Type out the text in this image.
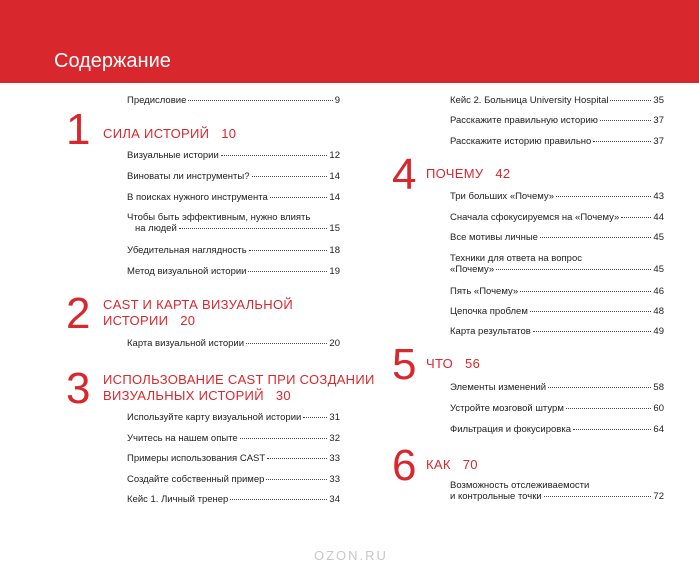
Содержание
Предисловие	9
1 СИЛА ИСТОРИЙ 10
Визуальные истории	12
Виноваты ли инструменты?	14
В поисках нужного инструмента	14
Чтобы быть эффективным, нужно влиять
на людей	15
Убедительная наглядность	18
Метод визуальной истории	19
2 CAST И КАРТА ВИЗУАЛЬНОЙ
ИСТОРИИ 20
Карта визуальной истории	20
3 ИСПОЛЬЗОВАНИЕ CAST ПРИ СОЗДАНИИ
ВИЗУАЛЬНЫХ ИСТОРИЙ 30
Используйте карту визуальной истории	31
Учитесь на нашем опыте	32
Примеры использования CAST	33
Создайте собственный пример	33
Кейс 1. Личный тренер	34
Кейс 2. Больница University Hospital	35
Расскажите правильную историю	37
Расскажите историю правильно	37
4 ПОЧЕМУ 42
Три больших «Почему»	43
Сначала сфокусируемся на «Почему»	44
Все мотивы личные	45
Техники для ответа на вопрос
«Почему»	45
Пять «Почему»	46
Цепочка проблем	48
Карта результатов	49
5 ЧТО 56
Элементы изменений	58
Устройте мозговой штурм	60
Фильтрация и фокусировка	64
6 КАК 70
Возможность отслеживаемости
и контрольные точки	72
OZON.RU
